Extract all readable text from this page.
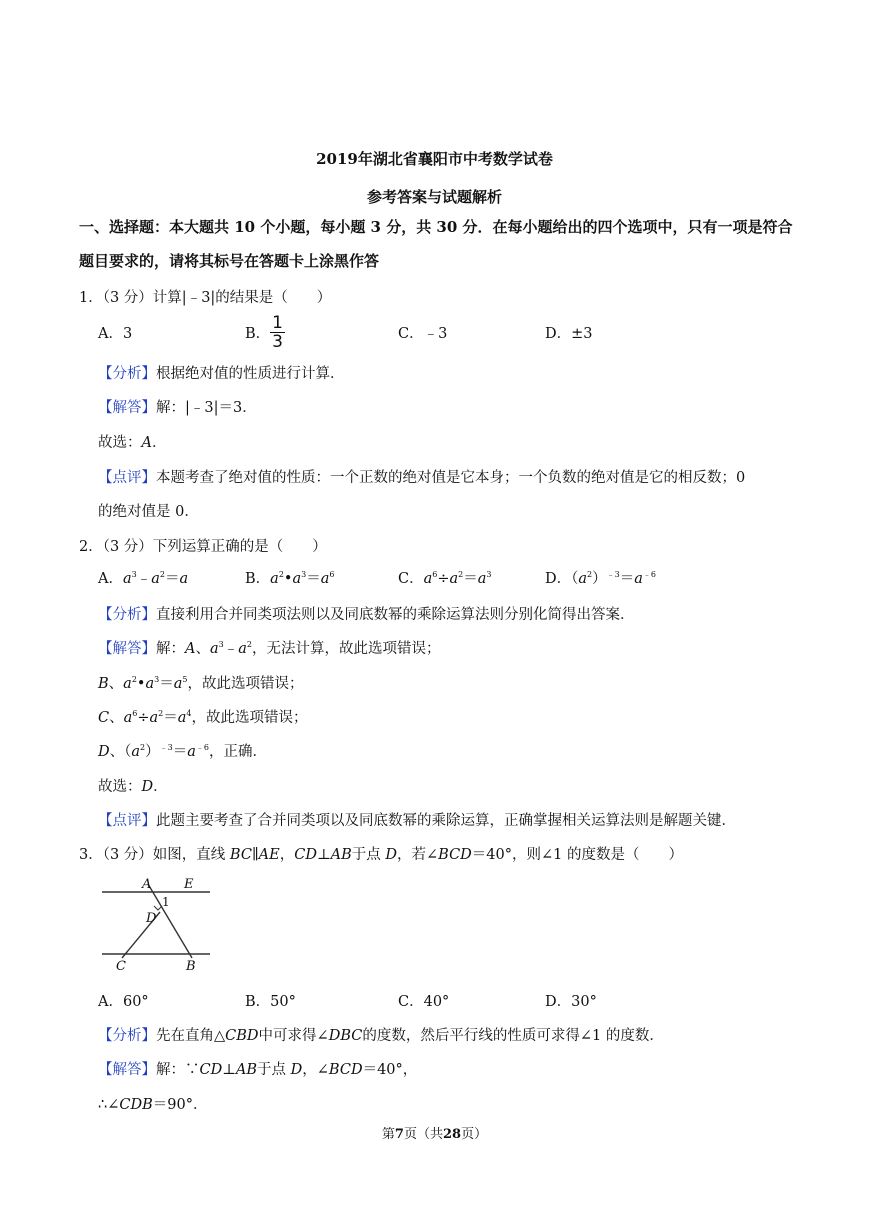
2019年湖北省襄阳市中考数学试卷
参考答案与试题解析
一、选择题：本大题共 10 个小题，每小题 3 分，共 30 分．在每小题给出的四个选项中，只有一项是符合
题目要求的，请将其标号在答题卡上涂黑作答
1．（3 分）计算|﹣3|的结果是（　　）
A．3	B． $\frac{1}{3}$	C．﹣3	D．±3
【分析】根据绝对值的性质进行计算．
【解答】解：|﹣3|＝3．
故选：A．
【点评】本题考查了绝对值的性质：一个正数的绝对值是它本身；一个负数的绝对值是它的相反数；0
的绝对值是 0．
2．（3 分）下列运算正确的是（　　）
A．$a^3﹣a^2=a$	B．$a^2•a^3=a^6$	C．$a^6\div a^2=a^3$	D．$(a^2)^{﹣3}=a^{﹣6}$
【分析】直接利用合并同类项法则以及同底数幂的乘除运算法则分别化简得出答案．
【解答】解：A、$a^3﹣a^2$，无法计算，故此选项错误；
B、$a^2•a^3=a^5$，故此选项错误；
C、$a^6\div a^2=a^4$，故此选项错误；
D、$(a^2)^{﹣3}=a^{﹣6}$，正确．
故选：D．
【点评】此题主要考查了合并同类项以及同底数幂的乘除运算，正确掌握相关运算法则是解题关键．
3．（3 分）如图，直线 BC∥AE，CD⊥AB于点 D，若∠BCD＝40°，则∠1 的度数是（　　）
A	E
1
D
C	B
A．60°	B．50°	C．40°	D．30°
【分析】先在直角△CBD中可求得∠DBC的度数，然后平行线的性质可求得∠1 的度数．
【解答】解：∵CD⊥AB于点 D，∠BCD＝40°，
∴∠CDB＝90°．
第7页（共28页）
